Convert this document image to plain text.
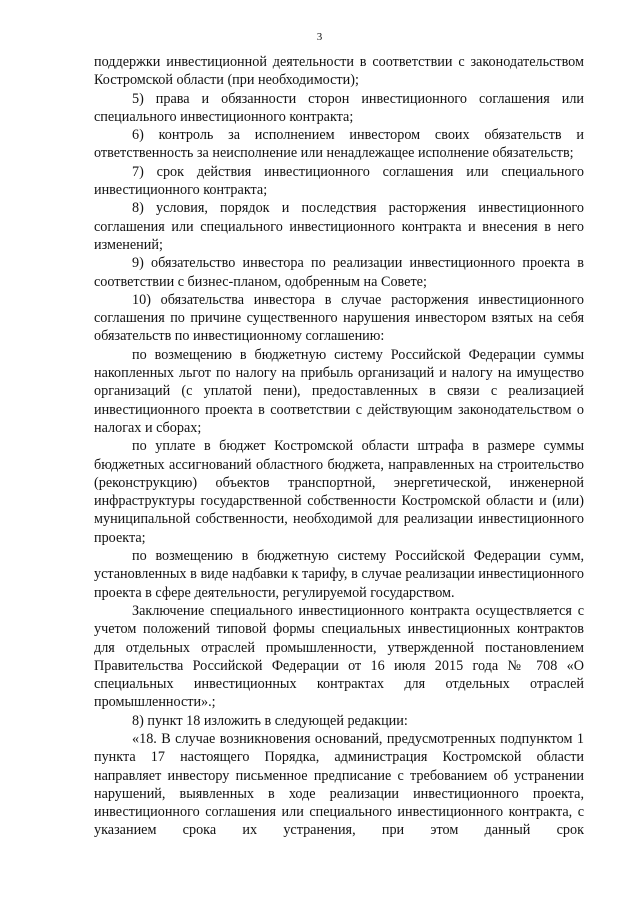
3

поддержки инвестиционной деятельности в соответствии с законодательством Костромской области (при необходимости);

5) права и обязанности сторон инвестиционного соглашения или специального инвестиционного контракта;

6) контроль за исполнением инвестором своих обязательств и ответственность за неисполнение или ненадлежащее исполнение обязательств;

7) срок действия инвестиционного соглашения или специального инвестиционного контракта;

8) условия, порядок и последствия расторжения инвестиционного соглашения или специального инвестиционного контракта и внесения в него изменений;

9) обязательство инвестора по реализации инвестиционного проекта в соответствии с бизнес-планом, одобренным на Совете;

10) обязательства инвестора в случае расторжения инвестиционного соглашения по причине существенного нарушения инвестором взятых на себя обязательств по инвестиционному соглашению:

по возмещению в бюджетную систему Российской Федерации суммы накопленных льгот по налогу на прибыль организаций и налогу на имущество организаций (с уплатой пени), предоставленных в связи с реализацией инвестиционного проекта в соответствии с действующим законодательством о налогах и сборах;

по уплате в бюджет Костромской области штрафа в размере суммы бюджетных ассигнований областного бюджета, направленных на строительство (реконструкцию) объектов транспортной, энергетической, инженерной инфраструктуры государственной собственности Костромской области и (или) муниципальной собственности, необходимой для реализации инвестиционного проекта;

по возмещению в бюджетную систему Российской Федерации сумм, установленных в виде надбавки к тарифу, в случае реализации инвестиционного проекта в сфере деятельности, регулируемой государством.

Заключение специального инвестиционного контракта осуществляется с учетом положений типовой формы специальных инвестиционных контрактов для отдельных отраслей промышленности, утвержденной постановлением Правительства Российской Федерации от 16 июля 2015 года № 708 «О специальных инвестиционных контрактах для отдельных отраслей промышленности».;

8) пункт 18 изложить в следующей редакции:

«18. В случае возникновения оснований, предусмотренных подпунктом 1 пункта 17 настоящего Порядка, администрация Костромской области направляет инвестору письменное предписание с требованием об устранении нарушений, выявленных в ходе реализации инвестиционного проекта, инвестиционного соглашения или специального инвестиционного контракта, с указанием срока их устранения, при этом данный срок
